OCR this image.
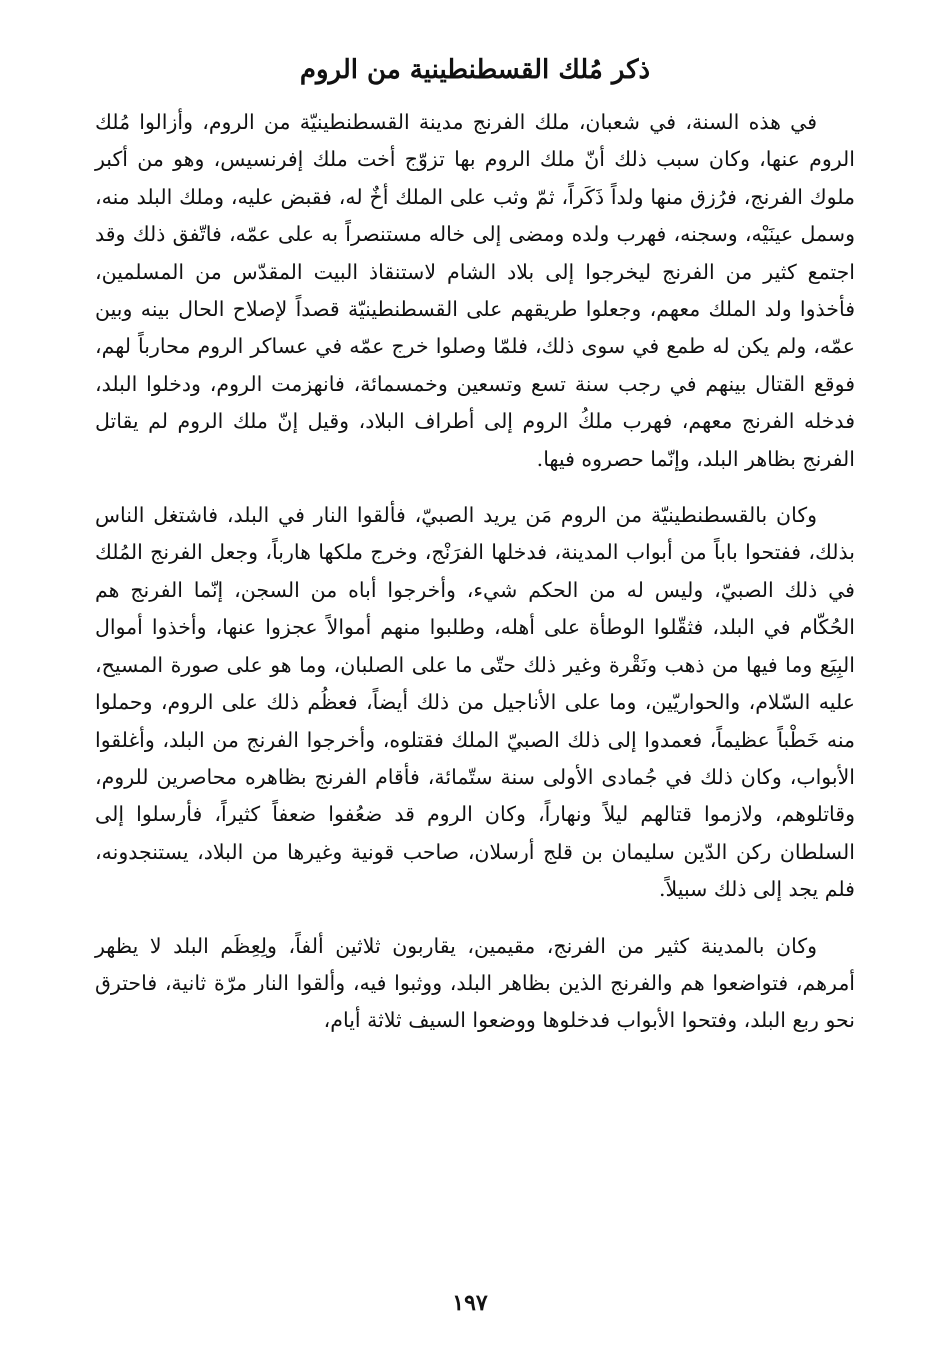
ذكر مُلك القسطنطينية من الروم

في هذه السنة، في شعبان، ملك الفرنج مدينة القسطنطينيّة من الروم، وأزالوا مُلك الروم عنها، وكان سبب ذلك أنّ ملك الروم بها تزوّج أخت ملك إفرنسيس، وهو من أكبر ملوك الفرنج، فرُزق منها ولداً ذَكَراً، ثمّ وثب على الملك أخٌ له، فقبض عليه، وملك البلد منه، وسمل عينَيْه، وسجنه، فهرب ولده ومضى إلى خاله مستنصراً به على عمّه، فاتّفق ذلك وقد اجتمع كثير من الفرنج ليخرجوا إلى بلاد الشام لاستنقاذ البيت المقدّس من المسلمين، فأخذوا ولد الملك معهم، وجعلوا طريقهم على القسطنطينيّة قصداً لإصلاح الحال بينه وبين عمّه، ولم يكن له طمع في سوى ذلك، فلمّا وصلوا خرج عمّه في عساكر الروم محارباً لهم، فوقع القتال بينهم في رجب سنة تسع وتسعين وخمسمائة، فانهزمت الروم، ودخلوا البلد، فدخله الفرنج معهم، فهرب ملكُ الروم إلى أطراف البلاد، وقيل إنّ ملك الروم لم يقاتل الفرنج بظاهر البلد، وإنّما حصروه فيها.

وكان بالقسطنطينيّة من الروم مَن يريد الصبيّ، فألقوا النار في البلد، فاشتغل الناس بذلك، ففتحوا باباً من أبواب المدينة، فدخلها الفرَنْج، وخرج ملكها هارباً، وجعل الفرنج المُلك في ذلك الصبيّ، وليس له من الحكم شيء، وأخرجوا أباه من السجن، إنّما الفرنج هم الحُكّام في البلد، فثقّلوا الوطأة على أهله، وطلبوا منهم أموالاً عجزوا عنها، وأخذوا أموال البِيَع وما فيها من ذهب ونَقْرة وغير ذلك حتّى ما على الصلبان، وما هو على صورة المسيح، عليه السّلام، والحواريّين، وما على الأناجيل من ذلك أيضاً، فعظُم ذلك على الروم، وحملوا منه خَطْباً عظيماً، فعمدوا إلى ذلك الصبيّ الملك فقتلوه، وأخرجوا الفرنج من البلد، وأغلقوا الأبواب، وكان ذلك في جُمادى الأولى سنة ستّمائة، فأقام الفرنج بظاهره محاصرين للروم، وقاتلوهم، ولازموا قتالهم ليلاً ونهاراً، وكان الروم قد ضعُفوا ضعفاً كثيراً، فأرسلوا إلى السلطان ركن الدّين سليمان بن قلج أرسلان، صاحب قونية وغيرها من البلاد، يستنجدونه، فلم يجد إلى ذلك سبيلاً.

وكان بالمدينة كثير من الفرنج، مقيمين، يقاربون ثلاثين ألفاً، ولِعِظَم البلد لا يظهر أمرهم، فتواضعوا هم والفرنج الذين بظاهر البلد، ووثبوا فيه، وألقوا النار مرّة ثانية، فاحترق نحو ربع البلد، وفتحوا الأبواب فدخلوها ووضعوا السيف ثلاثة أيام،

١٩٧
